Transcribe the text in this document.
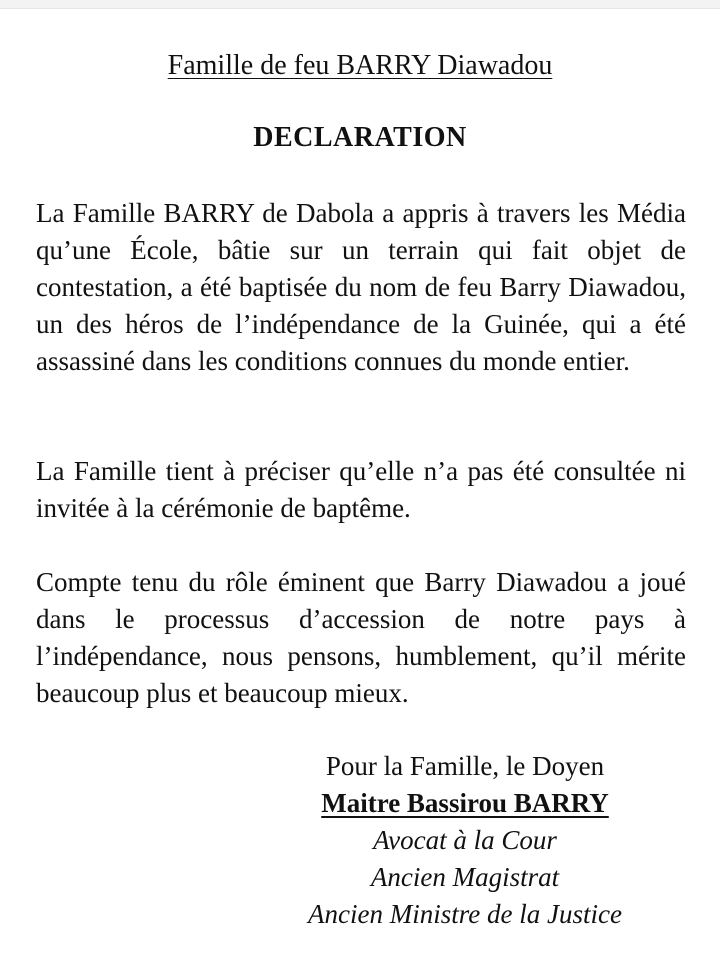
Famille de feu BARRY Diawadou
DECLARATION

La Famille BARRY de Dabola a appris à travers les Média qu’une École, bâtie sur un terrain qui fait objet de contestation, a été baptisée du nom de feu Barry Diawadou, un des héros de l’indépendance de la Guinée, qui a été assassiné dans les conditions connues du monde entier.

La Famille tient à préciser qu’elle n’a pas été consultée ni invitée à la cérémonie de baptême.

Compte tenu du rôle éminent que Barry Diawadou a joué dans le processus d’accession de notre pays à l’indépendance, nous pensons, humblement, qu’il mérite beaucoup plus et beaucoup mieux.

Pour la Famille, le Doyen
Maitre Bassirou BARRY
Avocat à la Cour
Ancien Magistrat
Ancien Ministre de la Justice
